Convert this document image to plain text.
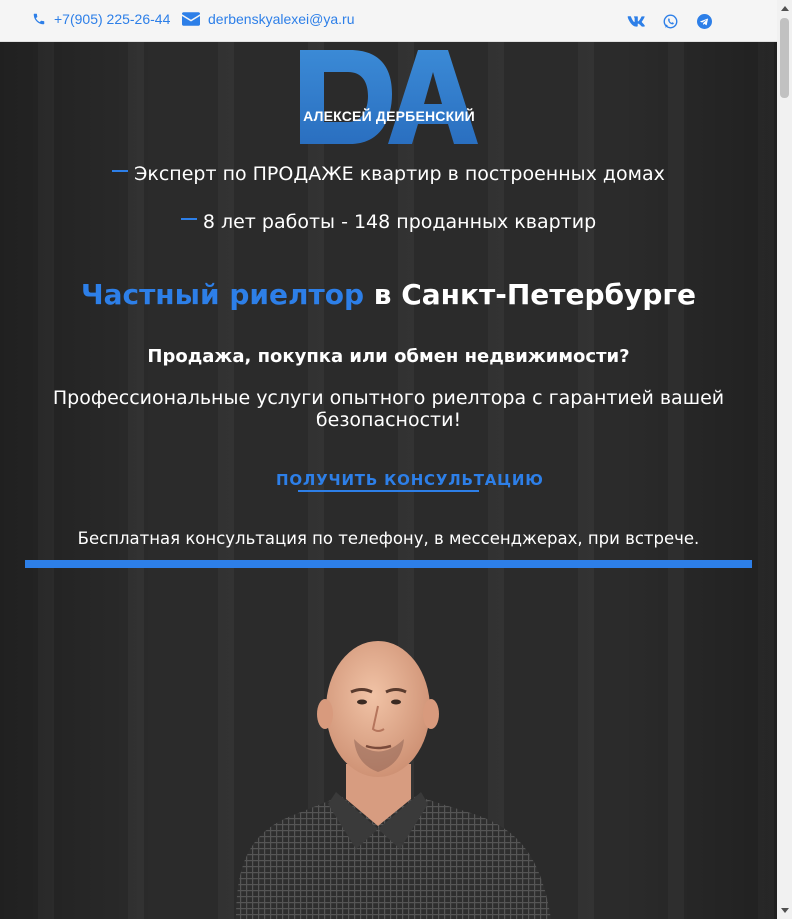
+7(905) 225-26-44	derbenskyalexei@ya.ru
АЛЕКСЕЙ ДЕРБЕНСКИЙ
Эксперт по ПРОДАЖЕ квартир в построенных домах
8 лет работы - 148 проданных квартир
Частный риелтор в Санкт-Петербурге
Продажа, покупка или обмен недвижимости?
Профессиональные услуги опытного риелтора с гарантией вашей безопасности!
ПОЛУЧИТЬ КОНСУЛЬТАЦИЮ
Бесплатная консультация по телефону, в мессенджерах, при встрече.
